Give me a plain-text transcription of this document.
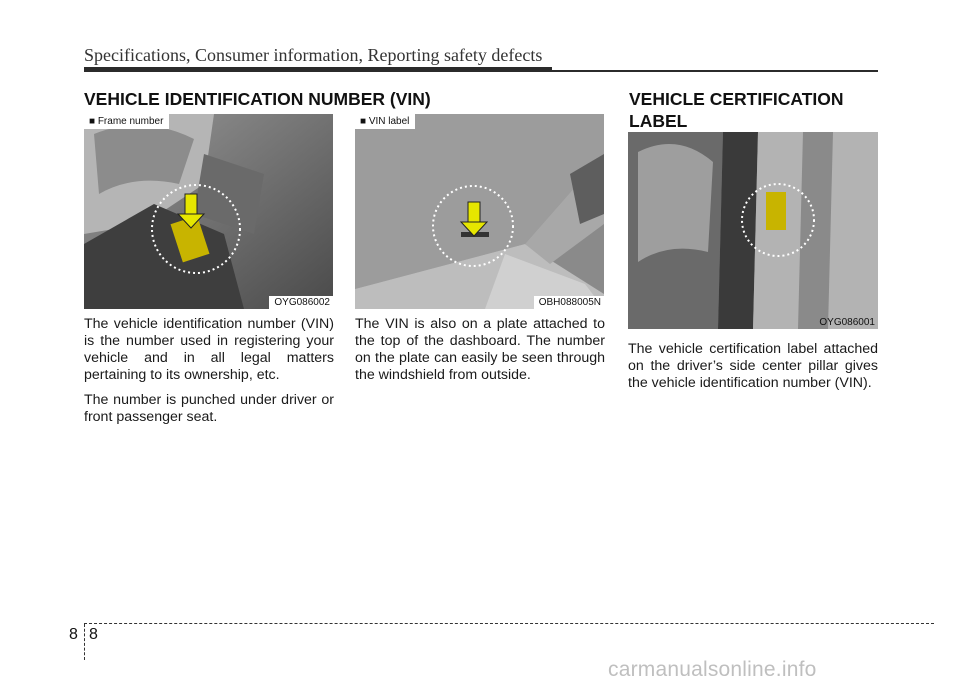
Specifications, Consumer information, Reporting safety defects
VEHICLE IDENTIFICATION NUMBER (VIN)	VEHICLE CERTIFICATION LABEL
■ Frame number
OYG086002
■ VIN label
OBH088005N
OYG086001

The vehicle identification number (VIN) is the number used in registering your vehicle and in all legal matters pertaining to its ownership, etc.

The number is punched under driver or front passenger seat.

The VIN is also on a plate attached to the top of the dashboard. The number on the plate can easily be seen through the windshield from outside.

The vehicle certification label attached on the driver’s side center pillar gives the vehicle identification number (VIN).

8 8
carmanualsonline.info
